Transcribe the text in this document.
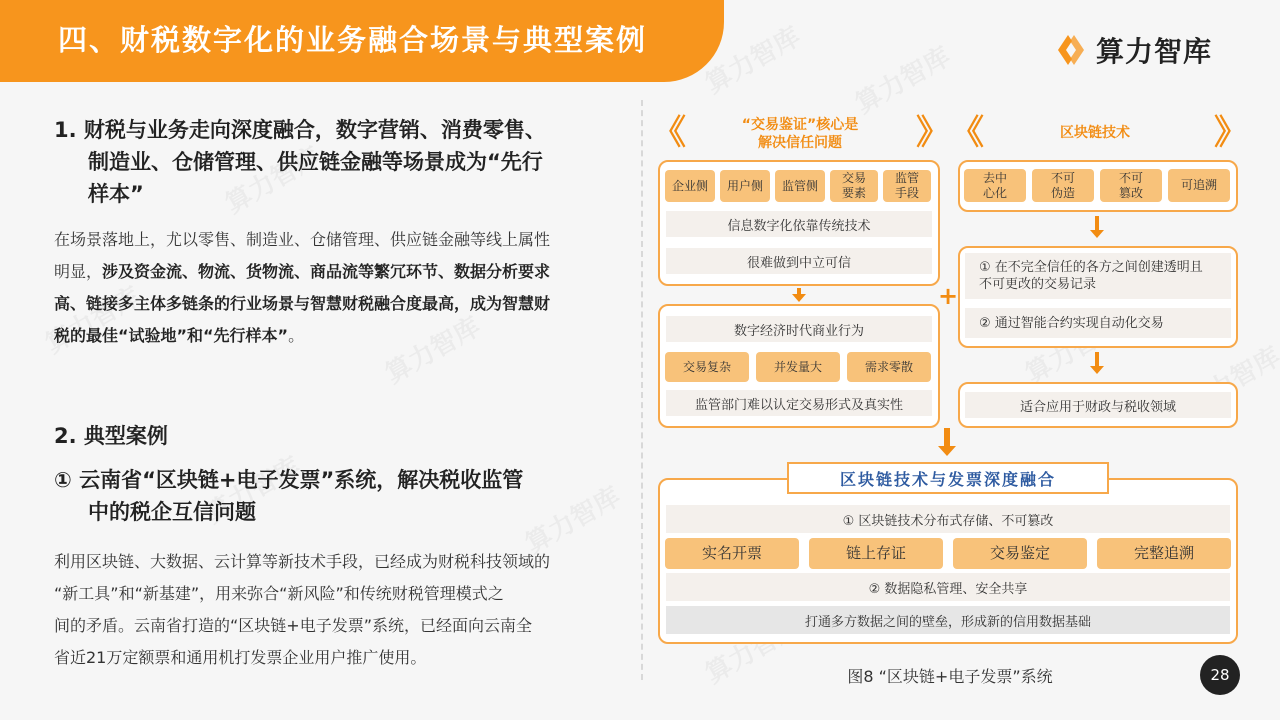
四、财税数字化的业务融合场景与典型案例	算力智库
1. 财税与业务走向深度融合，数字营销、消费零售、
制造业、仓储管理、供应链金融等场景成为“先行
样本”
在场景落地上，尤以零售、制造业、仓储管理、供应链金融等线上属性
明显，涉及资金流、物流、货物流、商品流等繁冗环节、数据分析要求
高、链接多主体多链条的行业场景与智慧财税融合度最高，成为智慧财
税的最佳“试验地”和“先行样本”。
2. 典型案例
① 云南省“区块链+电子发票”系统，解决税收监管
中的税企互信问题
利用区块链、大数据、云计算等新技术手段，已经成为财税科技领域的
“新工具”和“新基建”，用来弥合“新风险”和传统财税管理模式之
间的矛盾。云南省打造的“区块链+电子发票”系统，已经面向云南全
省近21万定额票和通用机打发票企业用户推广使用。
《	“交易鉴证”核心是
解决信任问题	》
企业侧	用户侧	监管侧
交易
要素
监管
手段
信息数字化依靠传统技术
很难做到中立可信
数字经济时代商业行为
交易复杂	并发量大	需求零散
监管部门难以认定交易形式及真实性
+
《	区块链技术	》
去中
心化
不可
伪造
不可
篡改
可追溯
① 在不完全信任的各方之间创建透明且
不可更改的交易记录
② 通过智能合约实现自动化交易
适合应用于财政与税收领域
区块链技术与发票深度融合
① 区块链技术分布式存储、不可篡改
实名开票	链上存证	交易鉴定	完整追溯
② 数据隐私管理、安全共享
打通多方数据之间的壁垒，形成新的信用数据基础
图8 “区块链+电子发票”系统	28
